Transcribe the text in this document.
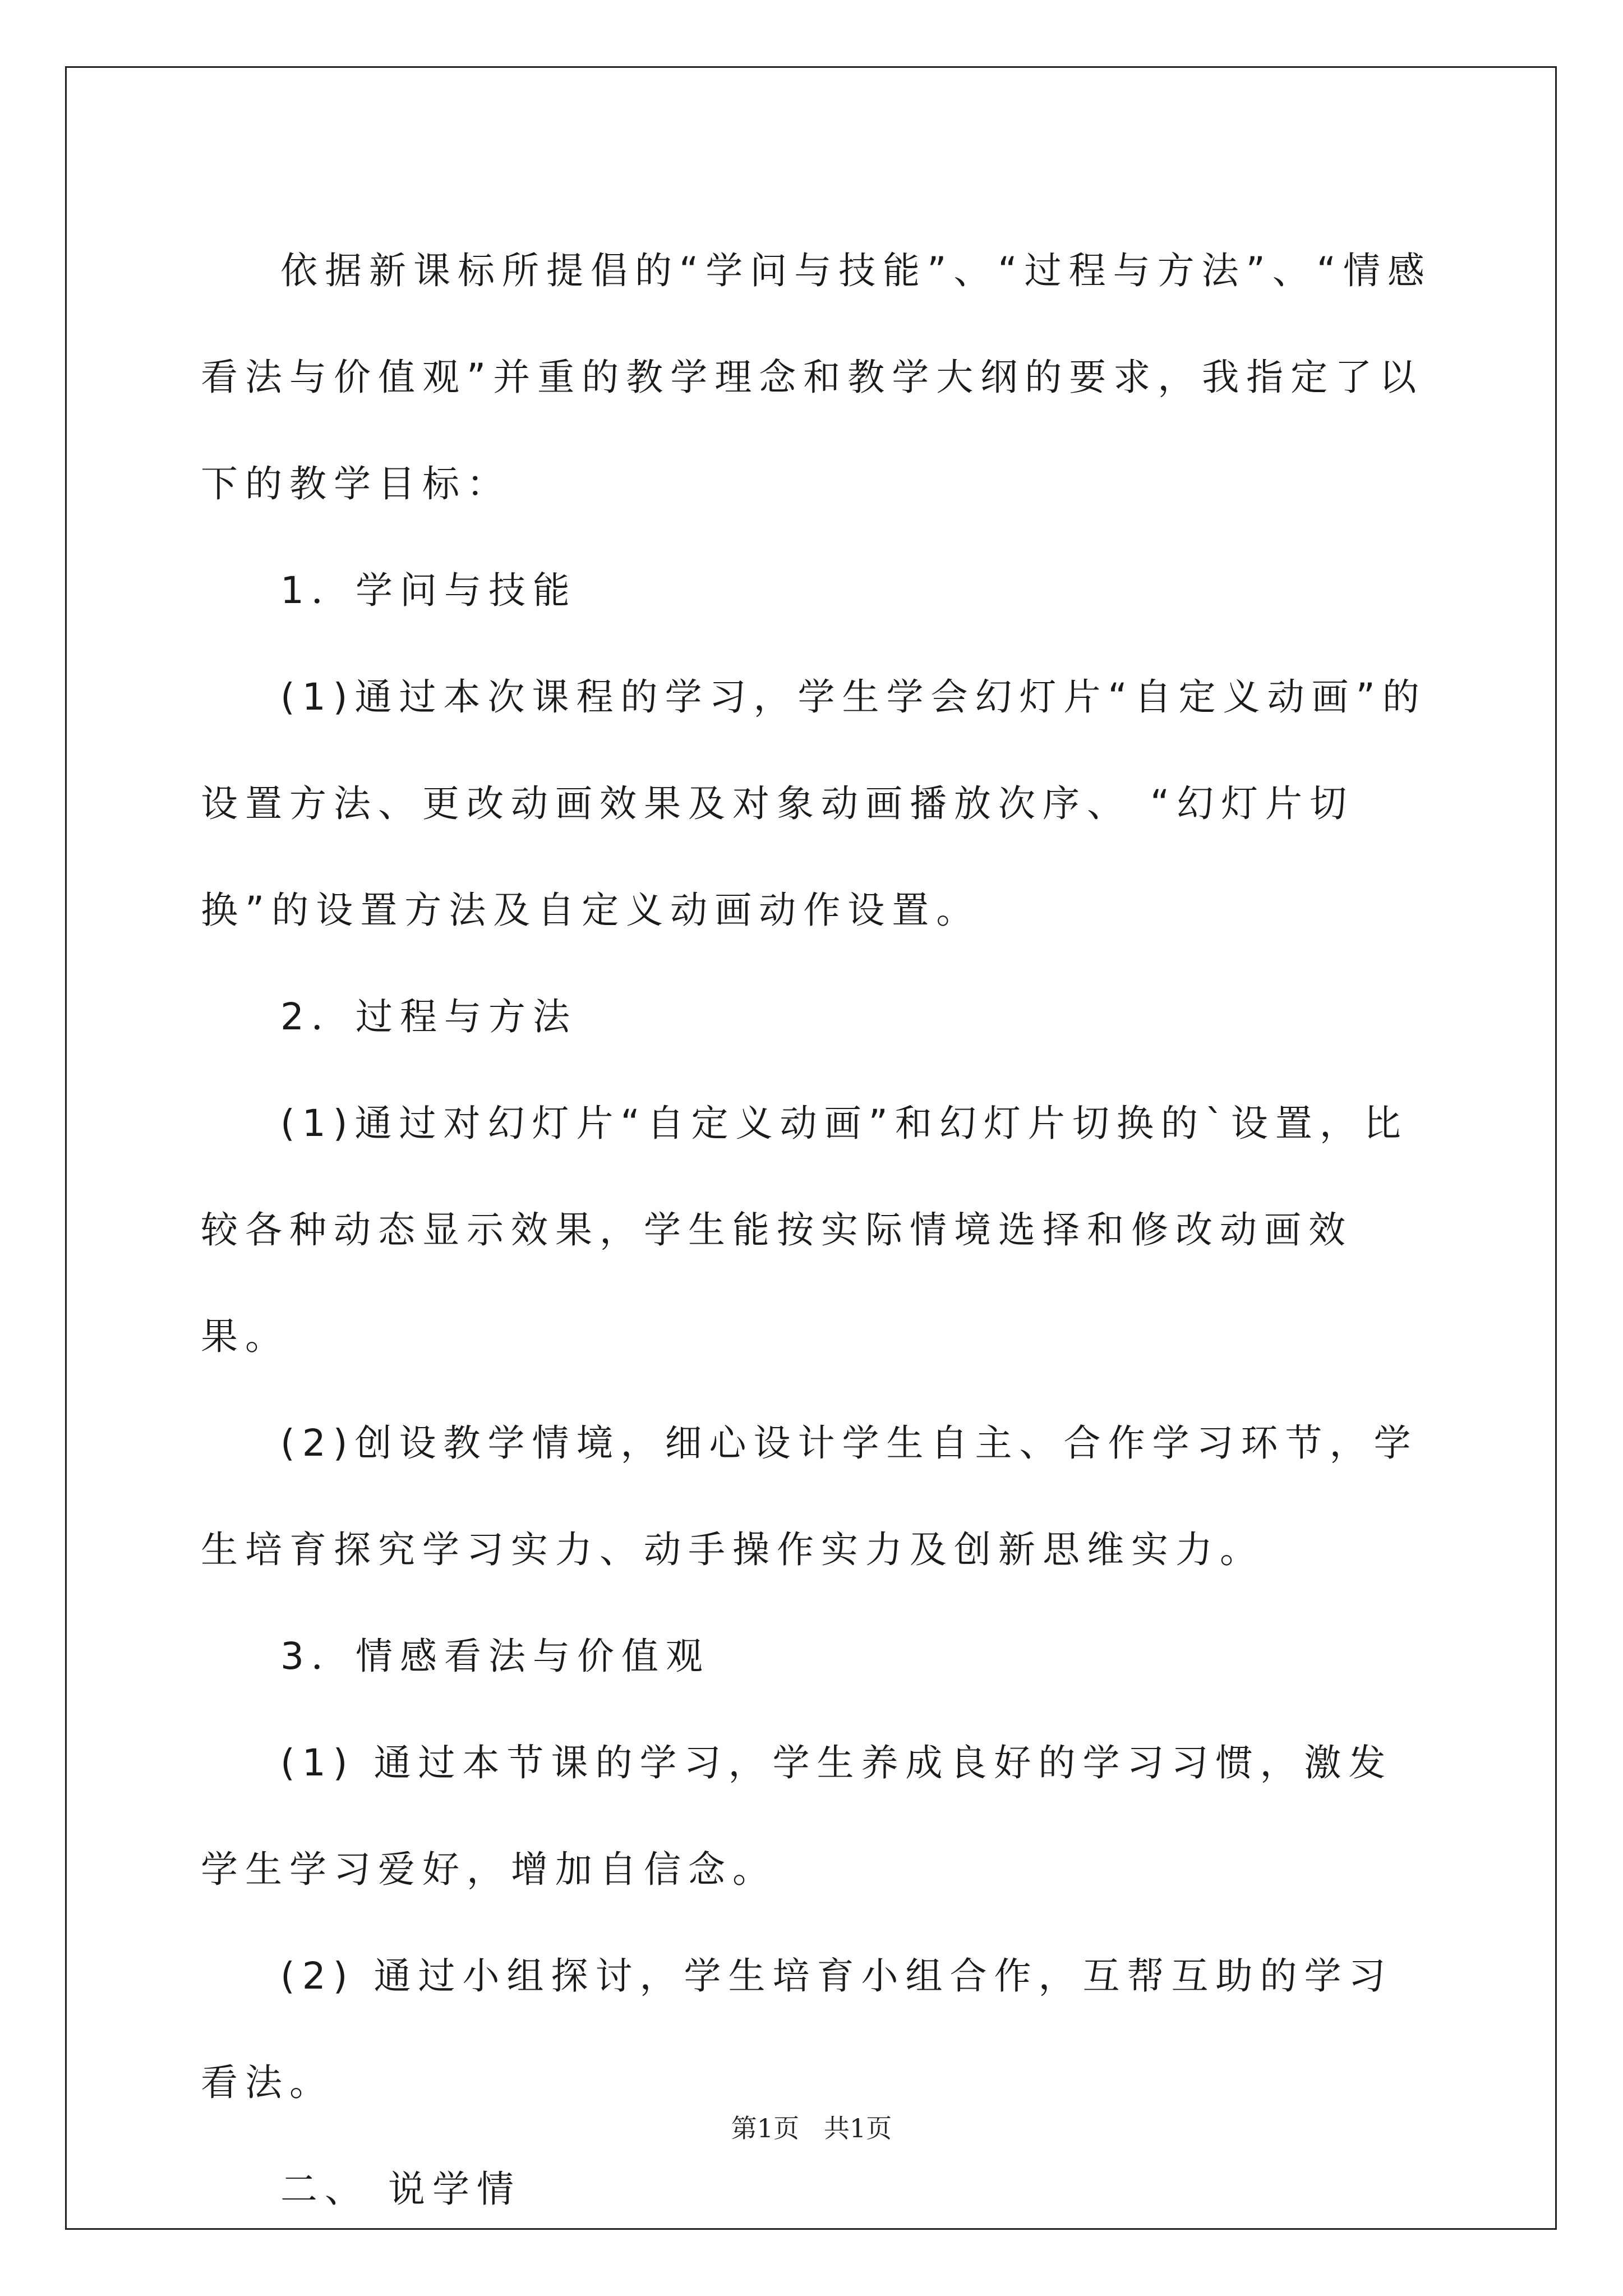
依据新课标所提倡的“学问与技能”、“过程与方法”、“情感看法与价值观”并重的教学理念和教学大纲的要求，我指定了以下的教学目标：

1．学问与技能

(1)通过本次课程的学习，学生学会幻灯片“自定义动画”的设置方法、更改动画效果及对象动画播放次序、 “幻灯片切换”的设置方法及自定义动画动作设置。

2．过程与方法

(1)通过对幻灯片“自定义动画”和幻灯片切换的`设置，比较各种动态显示效果，学生能按实际情境选择和修改动画效果。

(2)创设教学情境，细心设计学生自主、合作学习环节，学生培育探究学习实力、动手操作实力及创新思维实力。

3．情感看法与价值观

(1) 通过本节课的学习，学生养成良好的学习习惯，激发学生学习爱好，增加自信念。

(2) 通过小组探讨，学生培育小组合作，互帮互助的学习看法。

二、 说学情

第1页   共1页
